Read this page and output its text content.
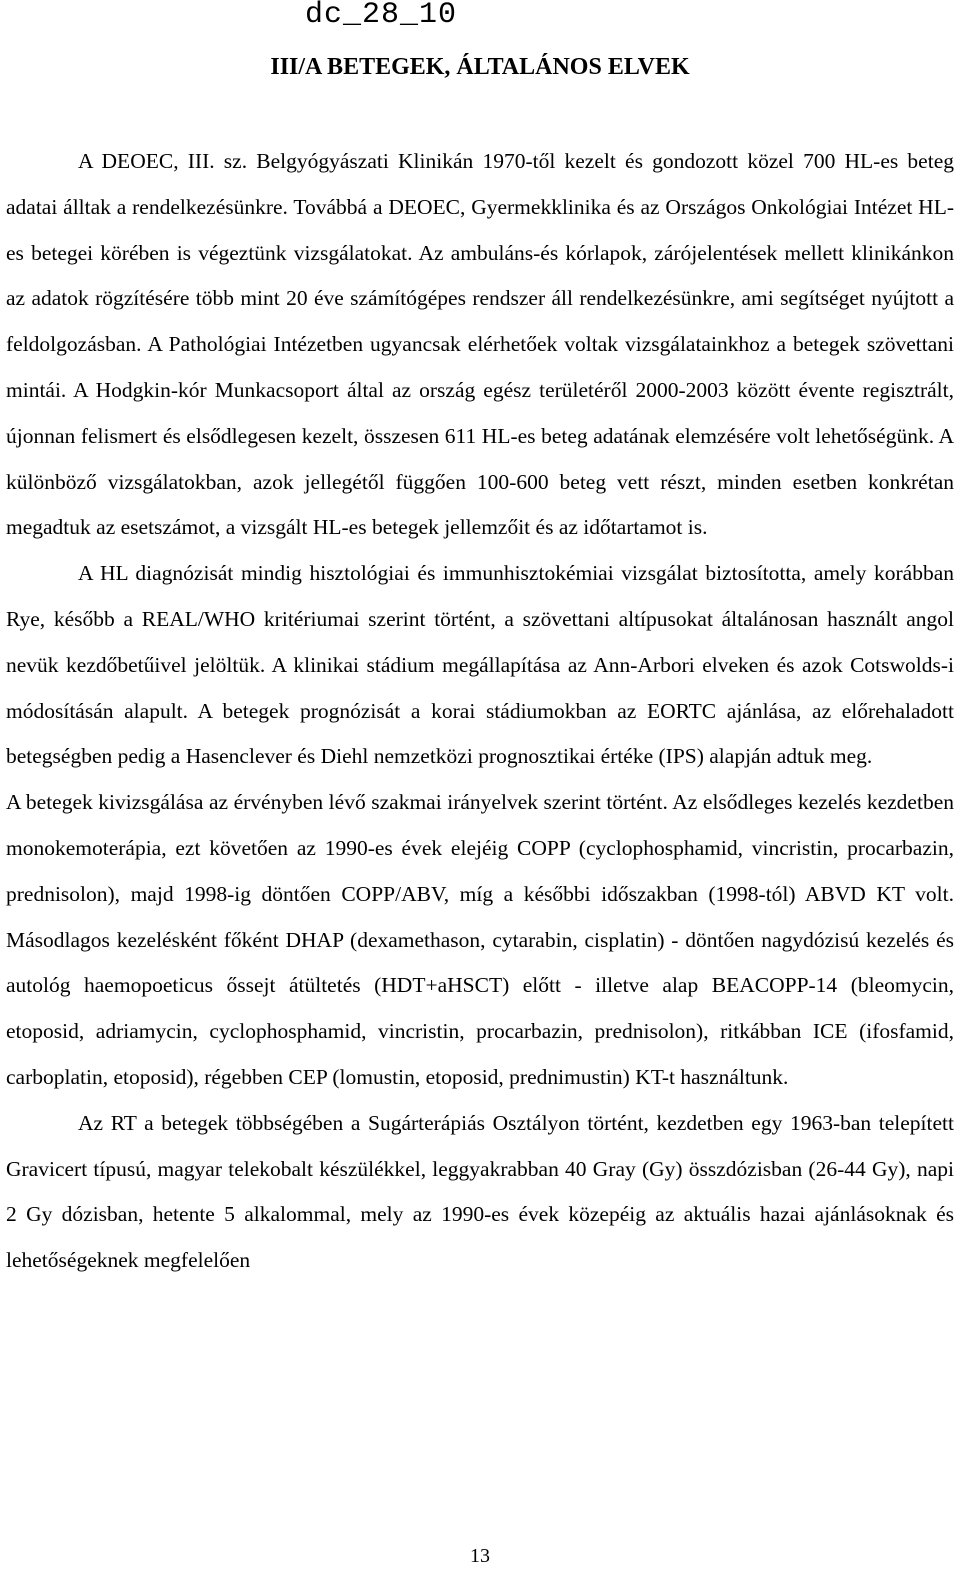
dc_28_10
III/A BETEGEK, ÁLTALÁNOS ELVEK

A DEOEC, III. sz. Belgyógyászati Klinikán 1970-től kezelt és gondozott közel 700 HL-es beteg adatai álltak a rendelkezésünkre. Továbbá a DEOEC, Gyermekklinika és az Országos Onkológiai Intézet HL-es betegei körében is végeztünk vizsgálatokat. Az ambuláns-és kórlapok, zárójelentések mellett klinikánkon az adatok rögzítésére több mint 20 éve számítógépes rendszer áll rendelkezésünkre, ami segítséget nyújtott a feldolgozásban. A Pathológiai Intézetben ugyancsak elérhetőek voltak vizsgálatainkhoz a betegek szövettani mintái. A Hodgkin-kór Munkacsoport által az ország egész területéről 2000-2003 között évente regisztrált, újonnan felismert és elsődlegesen kezelt, összesen 611 HL-es beteg adatának elemzésére volt lehetőségünk. A különböző vizsgálatokban, azok jellegétől függően 100-600 beteg vett részt, minden esetben konkrétan megadtuk az esetszámot, a vizsgált HL-es betegek jellemzőit és az időtartamot is.

A HL diagnózisát mindig hisztológiai és immunhisztokémiai vizsgálat biztosította, amely korábban Rye, később a REAL/WHO kritériumai szerint történt, a szövettani altípusokat általánosan használt angol nevük kezdőbetűivel jelöltük. A klinikai stádium megállapítása az Ann-Arbori elveken és azok Cotswolds-i módosításán alapult. A betegek prognózisát a korai stádiumokban az EORTC ajánlása, az előrehaladott betegségben pedig a Hasenclever és Diehl nemzetközi prognosztikai értéke (IPS) alapján adtuk meg.

A betegek kivizsgálása az érvényben lévő szakmai irányelvek szerint történt. Az elsődleges kezelés kezdetben monokemoterápia, ezt követően az 1990-es évek elejéig COPP (cyclophosphamid, vincristin, procarbazin, prednisolon), majd 1998-ig döntően COPP/ABV, míg a későbbi időszakban (1998-tól) ABVD KT volt. Másodlagos kezelésként főként DHAP (dexamethason, cytarabin, cisplatin) - döntően nagydózisú kezelés és autológ haemopoeticus őssejt átültetés (HDT+aHSCT) előtt - illetve alap BEACOPP-14 (bleomycin, etoposid, adriamycin, cyclophosphamid, vincristin, procarbazin, prednisolon), ritkábban ICE (ifosfamid, carboplatin, etoposid), régebben CEP (lomustin, etoposid, prednimustin) KT-t használtunk.

Az RT a betegek többségében a Sugárterápiás Osztályon történt, kezdetben egy 1963-ban telepített Gravicert típusú, magyar telekobalt készülékkel, leggyakrabban 40 Gray (Gy) összdózisban (26-44 Gy), napi 2 Gy dózisban, hetente 5 alkalommal, mely az 1990-es évek közepéig az aktuális hazai ajánlásoknak és lehetőségeknek megfelelően

13
